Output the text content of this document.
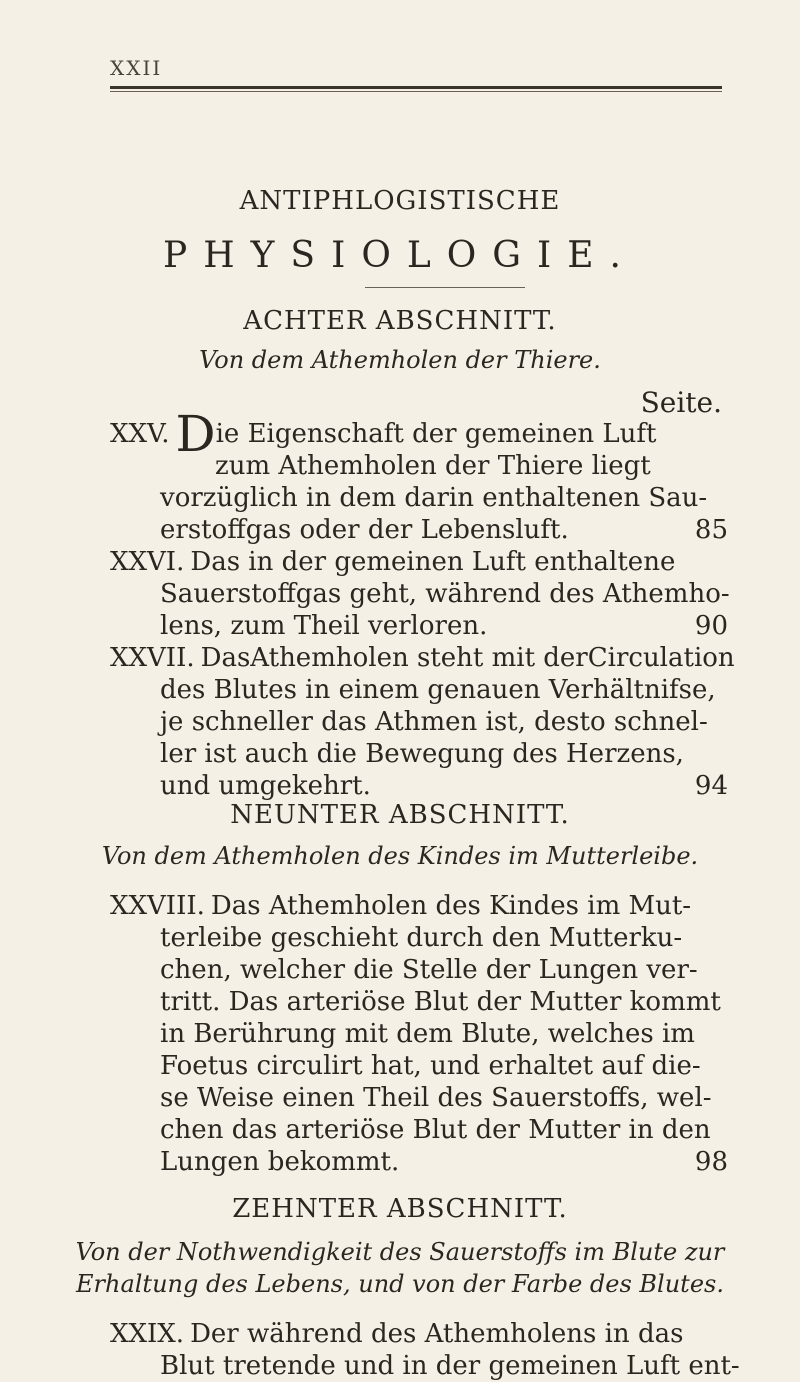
XXII
ANTIPHLOGISTISCHE
PHYSIOLOGIE.
ACHTER ABSCHNITT.
Von dem Athemholen der Thiere.
Seite.
XXV. Die Eigenschaft der gemeinen Luft
zum Athemholen der Thiere liegt
vorzüglich in dem darin enthaltenen Sau-
erstoffgas oder der Lebensluft.	85
XXVI. Das in der gemeinen Luft enthaltene
Sauerstoffgas geht, während des Athemho-
lens, zum Theil verloren.	90
XXVII. DasAthemholen steht mit derCirculation
des Blutes in einem genauen Verhältnifse,
je schneller das Athmen ist, desto schnel-
ler ist auch die Bewegung des Herzens,
und umgekehrt.	94
NEUNTER ABSCHNITT.
Von dem Athemholen des Kindes im Mutterleibe.
XXVIII. Das Athemholen des Kindes im Mut-
terleibe geschieht durch den Mutterku-
chen, welcher die Stelle der Lungen ver-
tritt. Das arteriöse Blut der Mutter kommt
in Berührung mit dem Blute, welches im
Foetus circulirt hat, und erhaltet auf die-
se Weise einen Theil des Sauerstoffs, wel-
chen das arteriöse Blut der Mutter in den
Lungen bekommt.	98
ZEHNTER ABSCHNITT.
Von der Nothwendigkeit des Sauerstoffs im Blute zur
Erhaltung des Lebens, und von der Farbe des Blutes.
XXIX. Der während des Athemholens in das
Blut tretende und in der gemeinen Luft ent-
